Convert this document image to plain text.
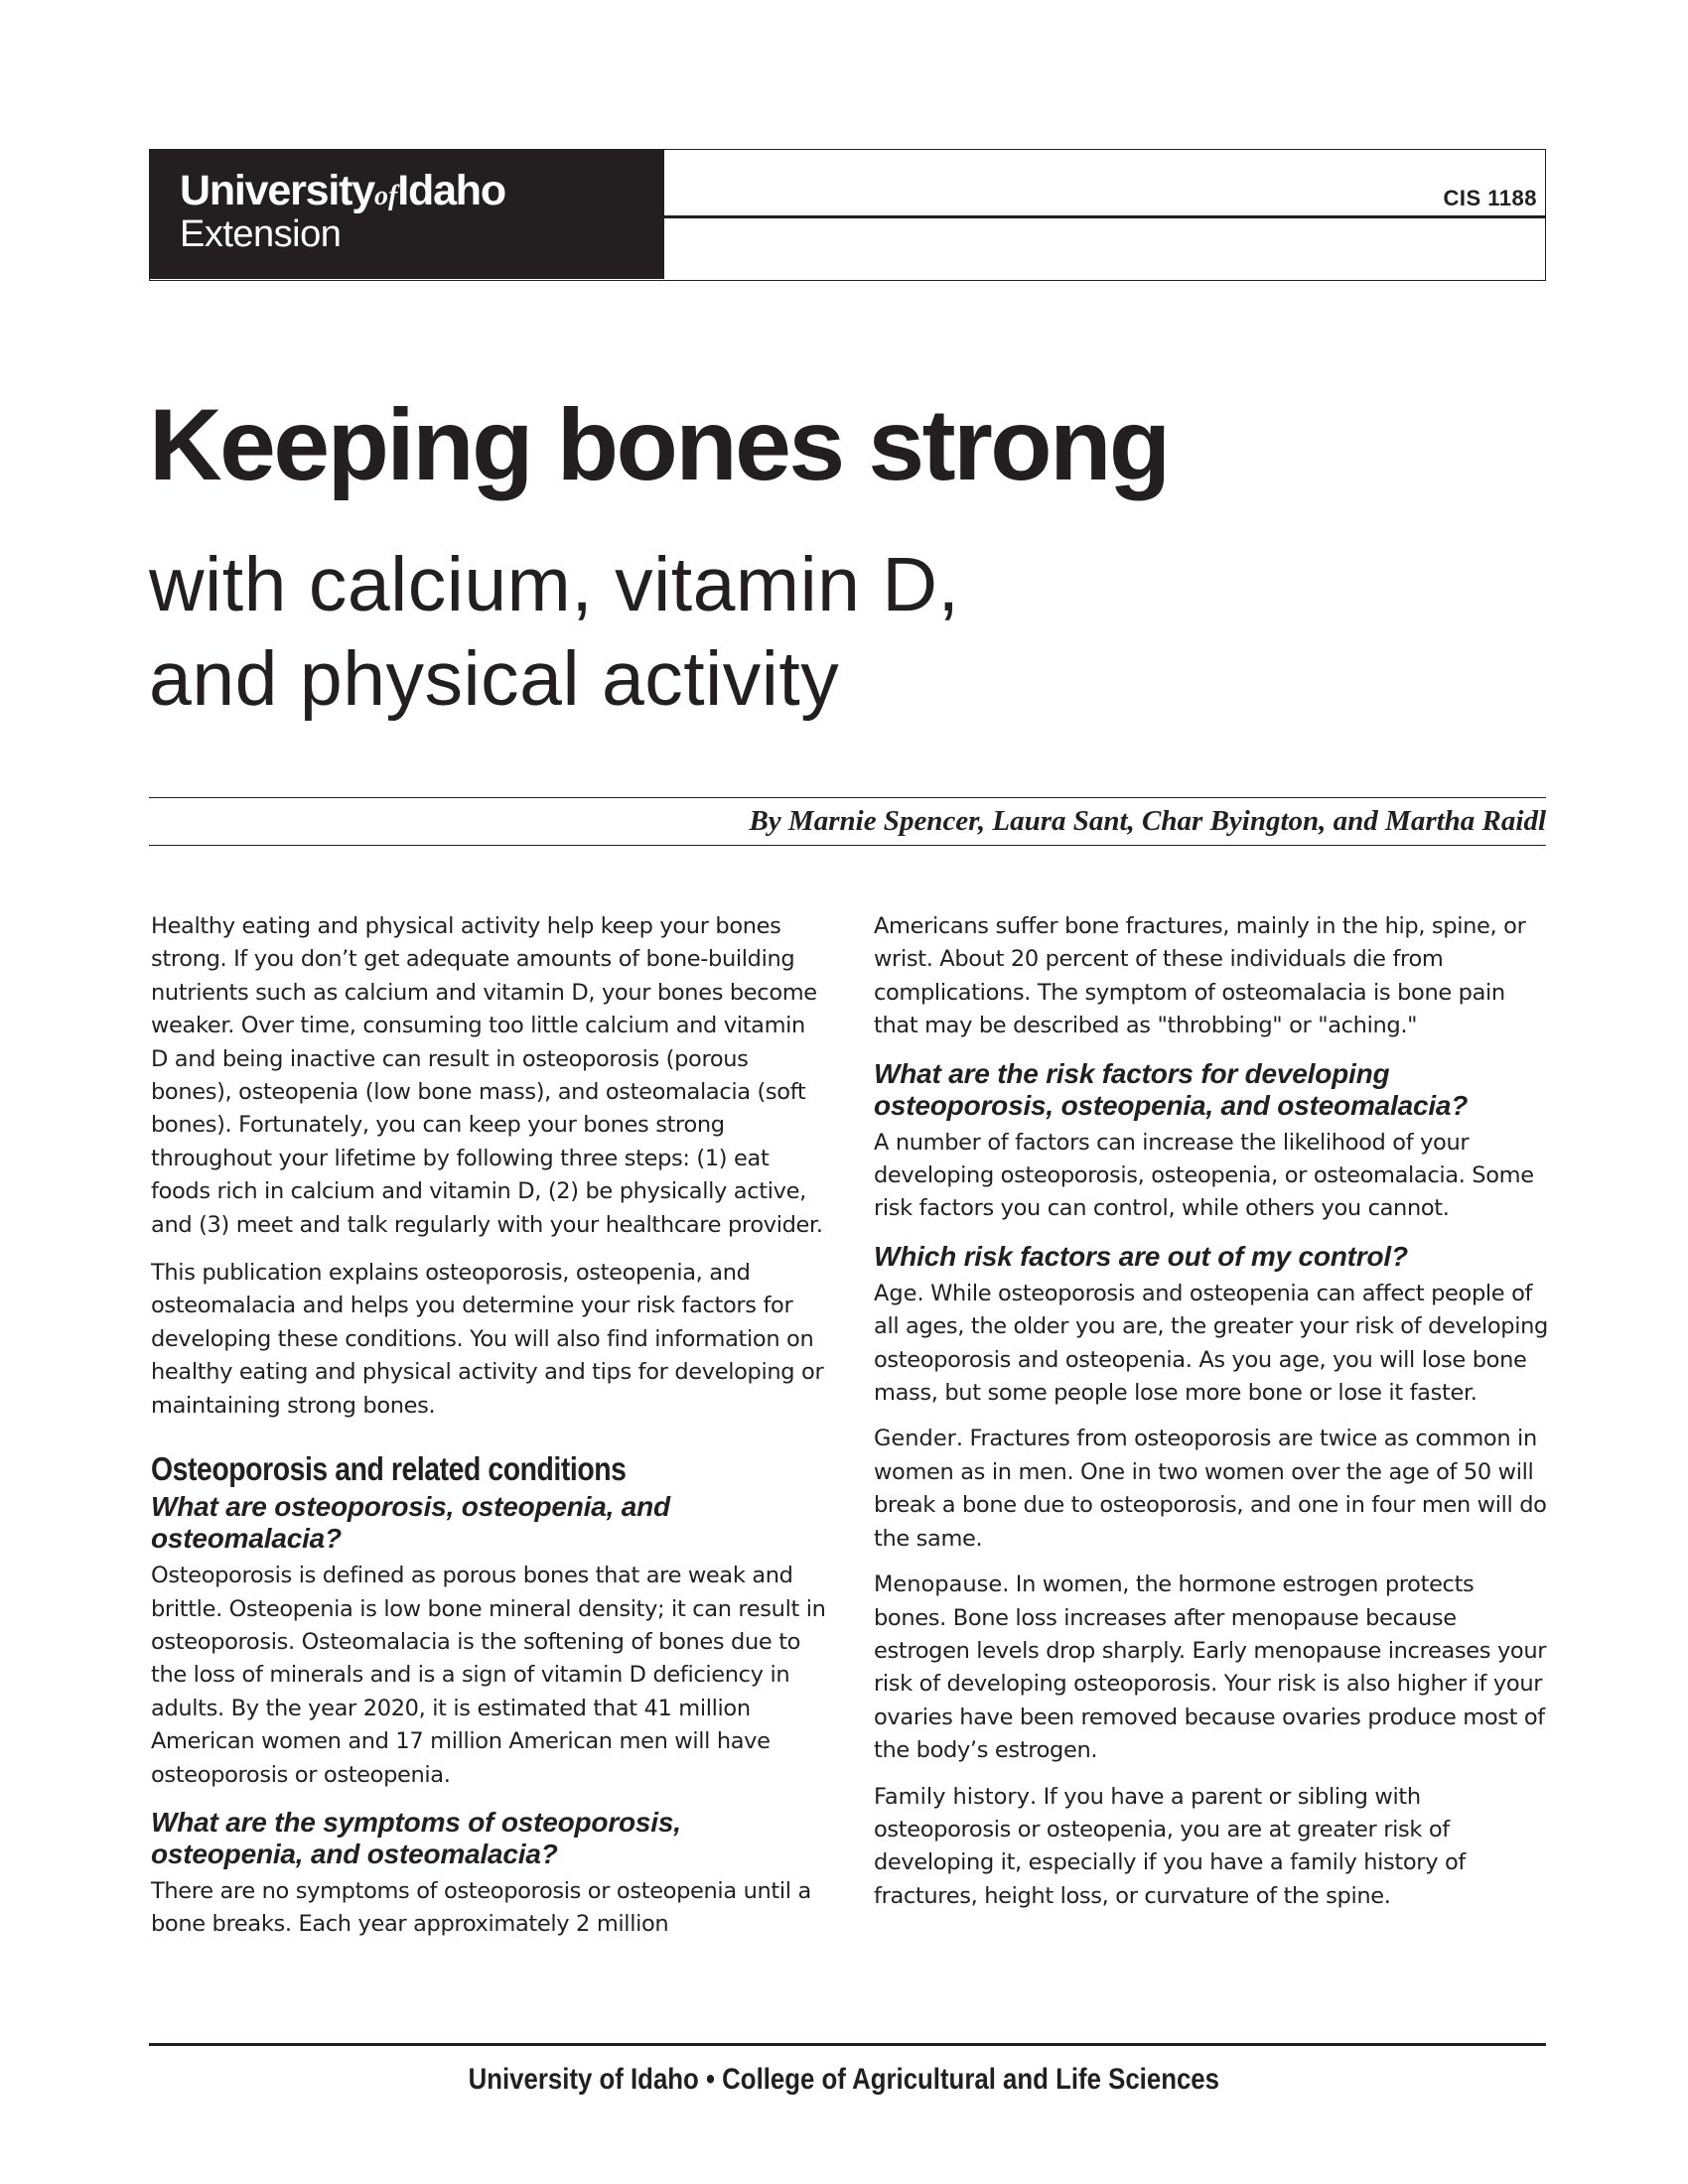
UniversityofIdaho
Extension
CIS 1188
Keeping bones strong
with calcium, vitamin D,
and physical activity
By Marnie Spencer, Laura Sant, Char Byington, and Martha Raidl

Healthy eating and physical activity help keep your bones strong. If you don’t get adequate amounts of bone-building nutrients such as calcium and vitamin D, your bones become weaker. Over time, consuming too little calcium and vitamin D and being inactive can result in osteoporosis (porous bones), osteopenia (low bone mass), and osteomalacia (soft bones). Fortunately, you can keep your bones strong throughout your lifetime by following three steps: (1) eat foods rich in calcium and vitamin D, (2) be physically active, and (3) meet and talk regularly with your healthcare provider.

This publication explains osteoporosis, osteopenia, and osteomalacia and helps you determine your risk factors for developing these conditions. You will also find information on healthy eating and physical activity and tips for developing or maintaining strong bones.

Osteoporosis and related conditions
What are osteoporosis, osteopenia, and osteomalacia?

Osteoporosis is defined as porous bones that are weak and brittle. Osteopenia is low bone mineral density; it can result in osteoporosis. Osteomalacia is the softening of bones due to the loss of minerals and is a sign of vitamin D deficiency in adults. By the year 2020, it is estimated that 41 million American women and 17 million American men will have osteoporosis or osteopenia.

What are the symptoms of osteoporosis, osteopenia, and osteomalacia?

There are no symptoms of osteoporosis or osteopenia until a bone breaks. Each year approximately 2 million

Americans suffer bone fractures, mainly in the hip, spine, or wrist. About 20 percent of these individuals die from complications. The symptom of osteomalacia is bone pain that may be described as "throbbing" or "aching."

What are the risk factors for developing osteoporosis, osteopenia, and osteomalacia?

A number of factors can increase the likelihood of your developing osteoporosis, osteopenia, or osteomalacia. Some risk factors you can control, while others you cannot.

Which risk factors are out of my control?

Age. While osteoporosis and osteopenia can affect people of all ages, the older you are, the greater your risk of developing osteoporosis and osteopenia. As you age, you will lose bone mass, but some people lose more bone or lose it faster.

Gender. Fractures from osteoporosis are twice as common in women as in men. One in two women over the age of 50 will break a bone due to osteoporosis, and one in four men will do the same.

Menopause. In women, the hormone estrogen protects bones. Bone loss increases after menopause because estrogen levels drop sharply. Early menopause increases your risk of developing osteoporosis. Your risk is also higher if your ovaries have been removed because ovaries produce most of the body’s estrogen.

Family history. If you have a parent or sibling with osteoporosis or osteopenia, you are at greater risk of developing it, especially if you have a family history of fractures, height loss, or curvature of the spine.

University of Idaho • College of Agricultural and Life Sciences
